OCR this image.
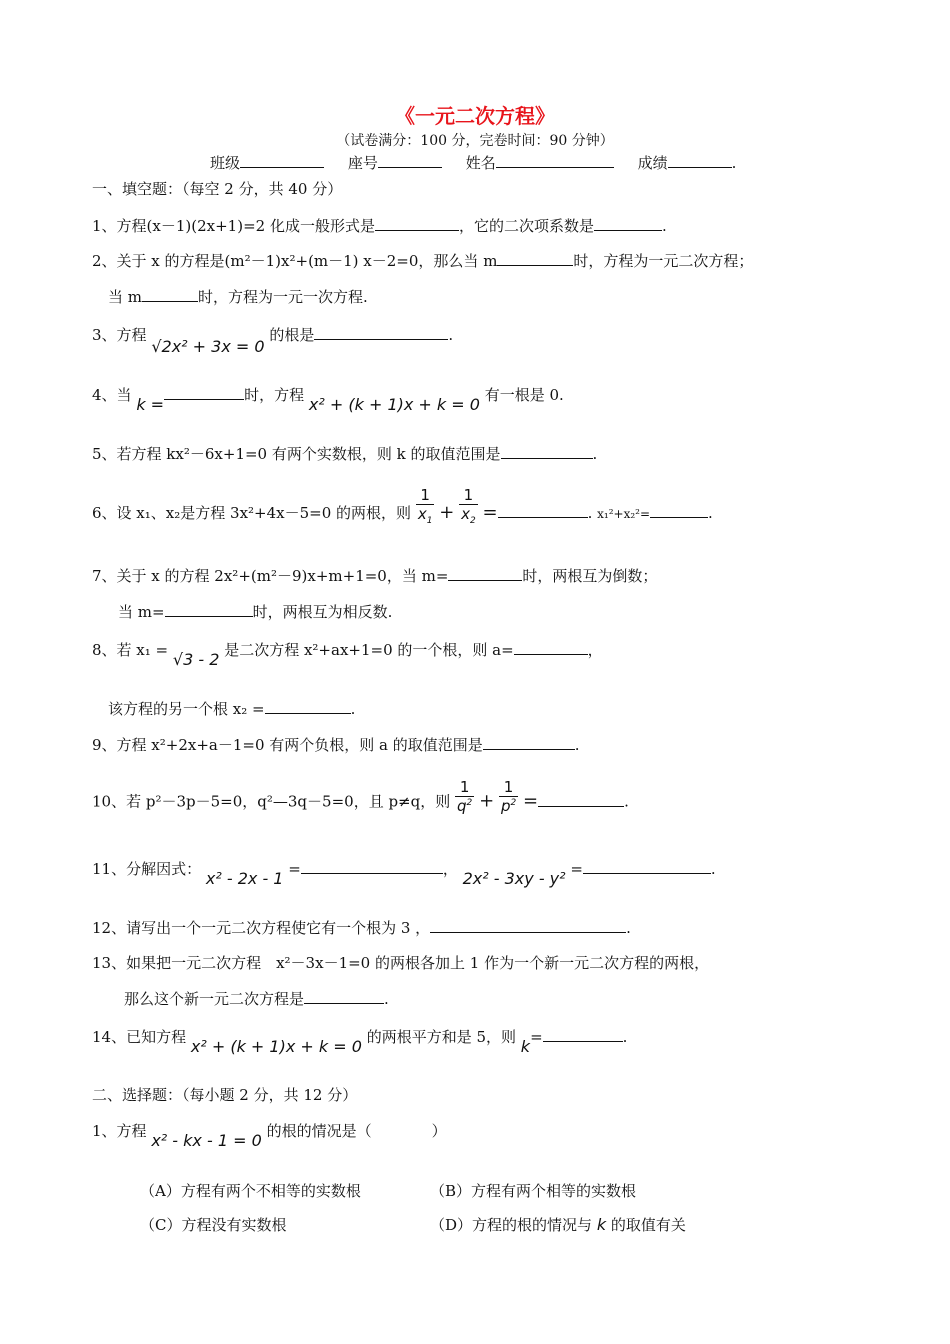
《一元二次方程》
（试卷满分：100 分，完卷时间：90 分钟）
班级	座号	姓名	成绩	.
一、填空题：（每空 2 分，共 40 分）
1、方程(x－1)(2x+1)=2 化成一般形式是	，它的二次项系数是	.
2、关于 x 的方程是(m²－1)x²+(m－1) x－2=0，那么当 m	时，方程为一元二次方程；
当 m	时，方程为一元一次方程.
3、方程 √2x² + 3x = 0 的根是	.
4、当 k =	时，方程 x² + (k + 1)x + k = 0 有一根是 0.
5、若方程 kx²－6x+1=0 有两个实数根，则 k 的取值范围是	.
6、设 x₁、x₂是方程 3x²+4x－5=0 的两根，则 $\frac{1}{x_1} + \frac{1}{x_2}$ =	. x₁²+x₂²=	.
7、关于 x 的方程 2x²+(m²－9)x+m+1=0，当 m=	时，两根互为倒数；
当 m=	时，两根互为相反数.
8、若 x₁ = √3 - 2 是二次方程 x²+ax+1=0 的一个根，则 a=	，
该方程的另一个根 x₂ =	.
9、方程 x²+2x+a－1=0 有两个负根，则 a 的取值范围是	.
10、若 p²－3p－5=0，q²—3q－5=0，且 p≠q，则 $\frac{1}{q^2} + \frac{1}{p^2}$ =	.
11、分解因式： x² - 2x - 1 =	， 2x² - 3xy - y² =	.
12、请写出一个一元二次方程使它有一个根为 3 ，	.
13、如果把一元二次方程　x²－3x－1=0 的两根各加上 1 作为一个新一元二次方程的两根，
那么这个新一元二次方程是	.
14、已知方程 x² + (k + 1)x + k = 0 的两根平方和是 5，则 k=	.
二、选择题：（每小题 2 分，共 12 分）
1、方程 x² - kx - 1 = 0 的根的情况是（　　　　）
（A）方程有两个不相等的实数根	（B）方程有两个相等的实数根
（C）方程没有实数根	（D）方程的根的情况与 k 的取值有关
